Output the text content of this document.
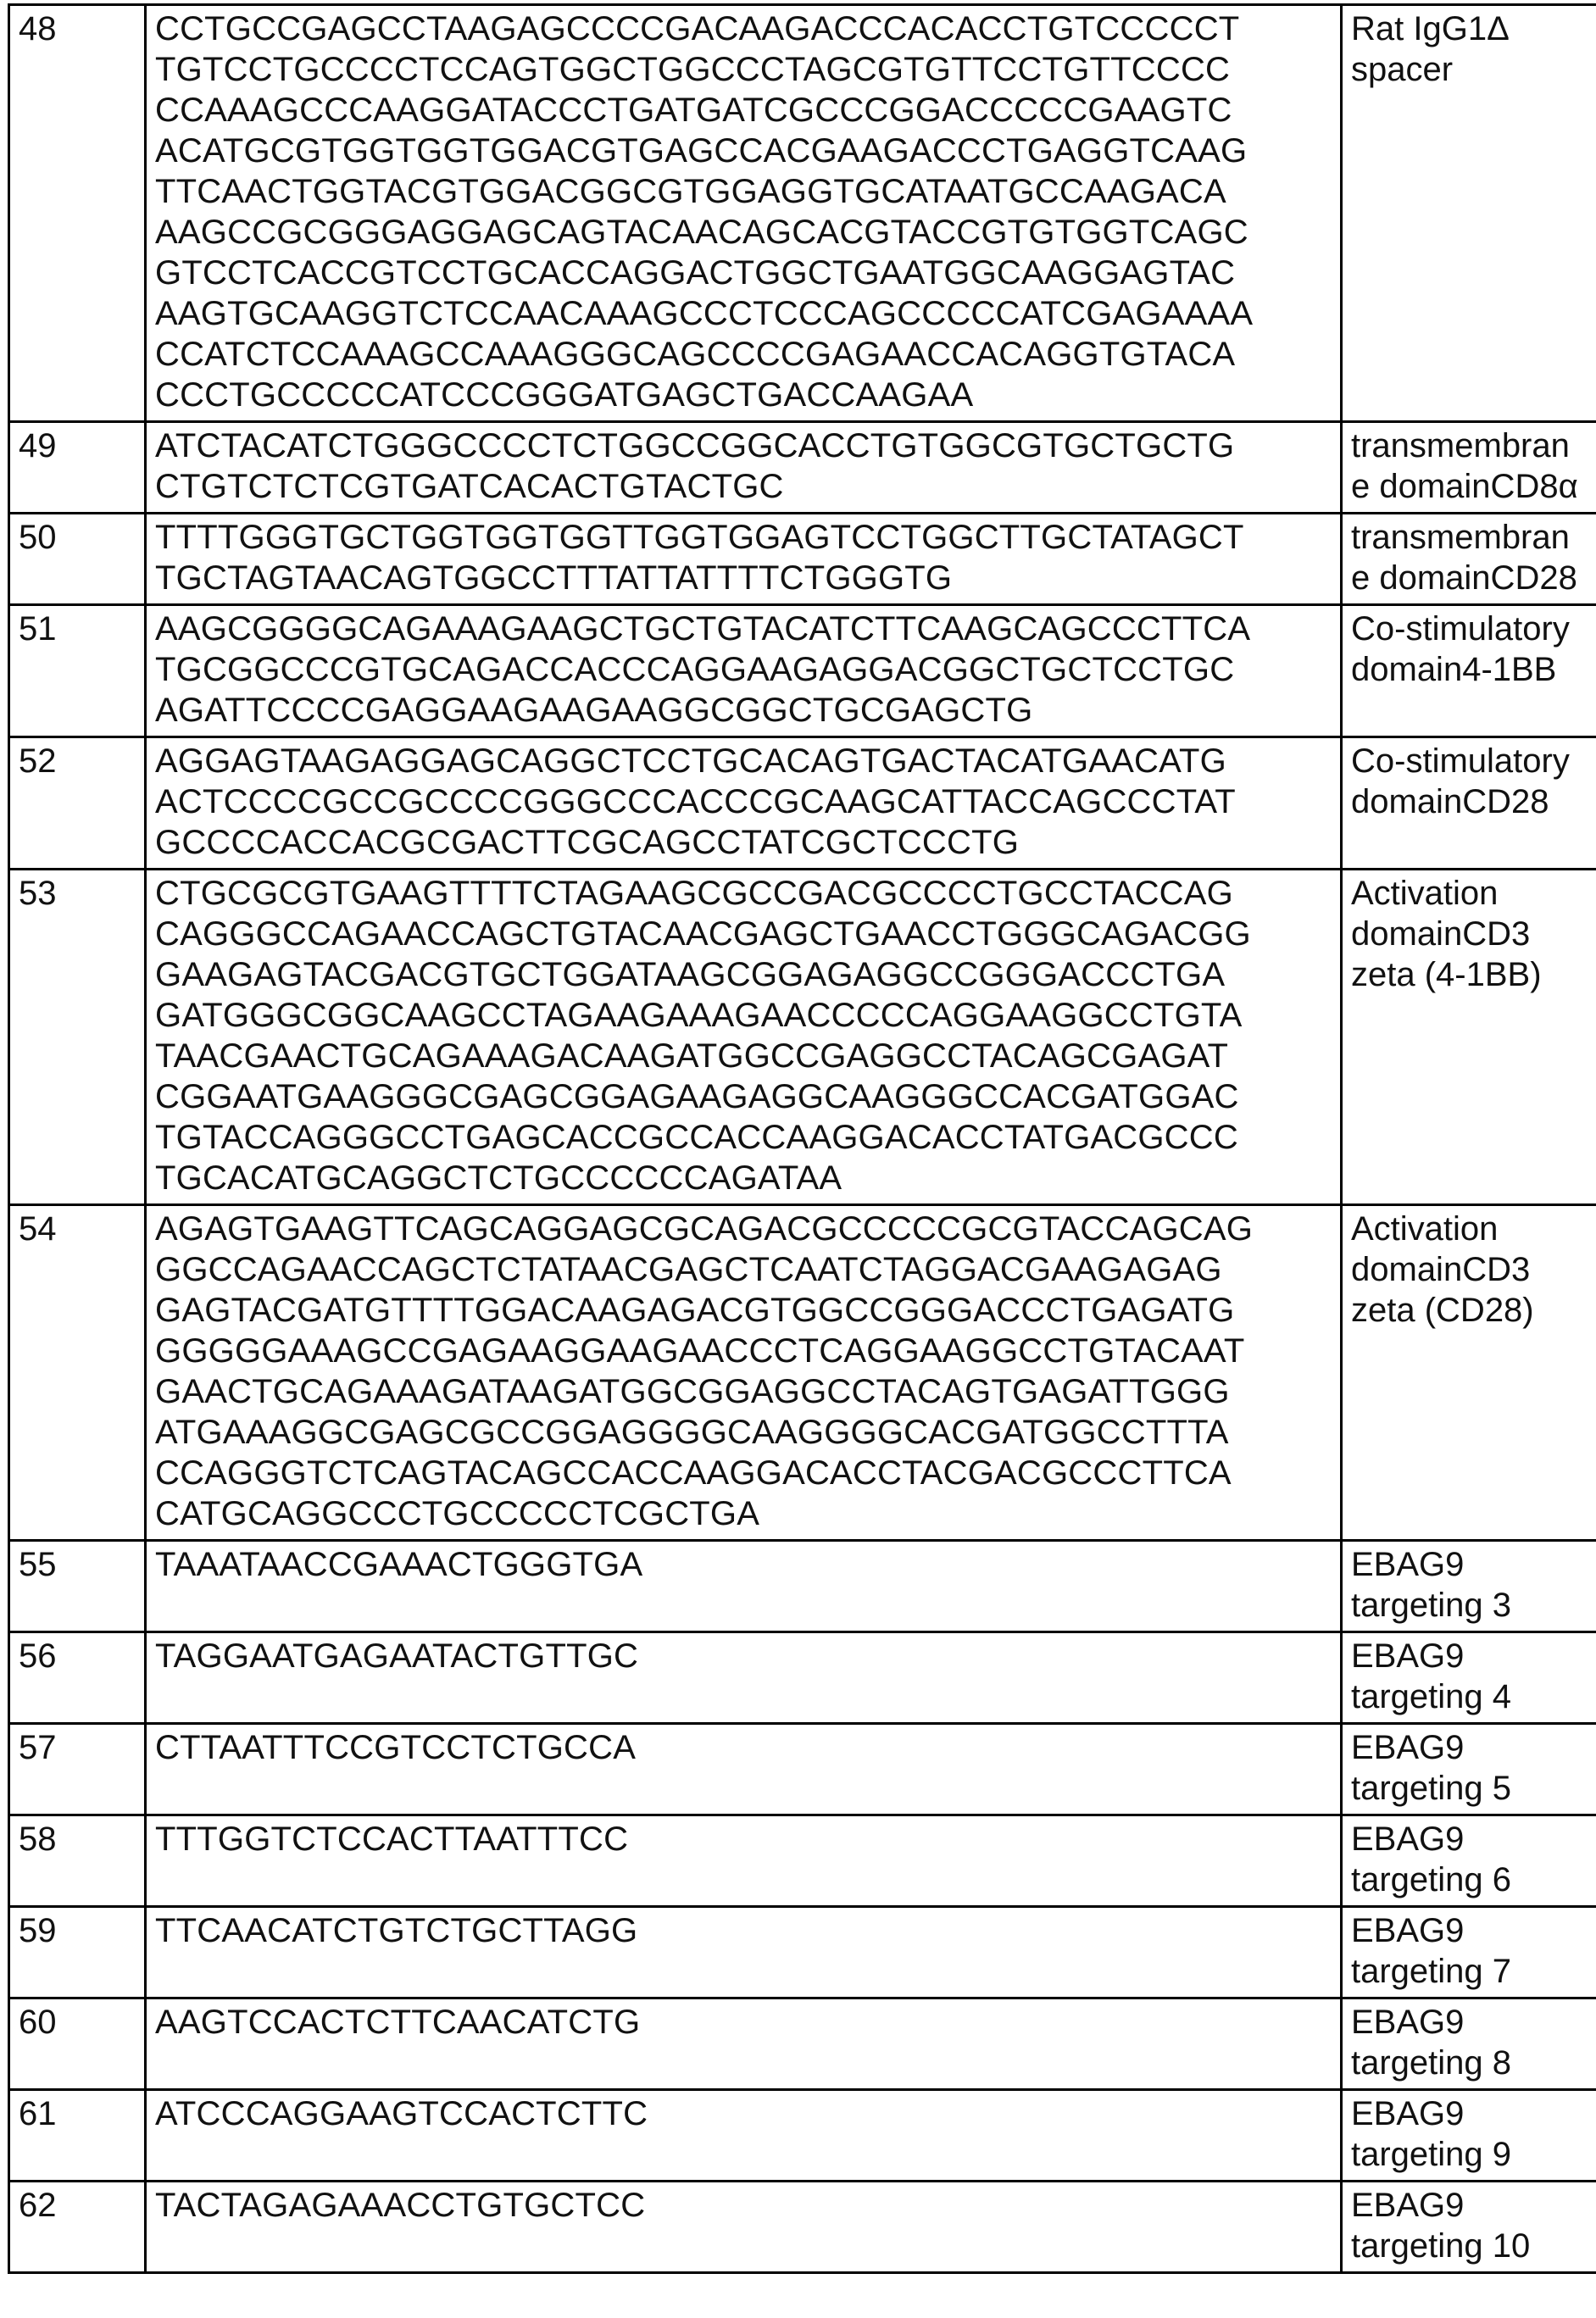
48	CCTGCCGAGCCTAAGAGCCCCGACAAGACCCACACCTGTCCCCCT
TGTCCTGCCCCTCCAGTGGCTGGCCCTAGCGTGTTCCTGTTCCCC
CCAAAGCCCAAGGATACCCTGATGATCGCCCGGACCCCCGAAGTC
ACATGCGTGGTGGTGGACGTGAGCCACGAAGACCCTGAGGTCAAG
TTCAACTGGTACGTGGACGGCGTGGAGGTGCATAATGCCAAGACA
AAGCCGCGGGAGGAGCAGTACAACAGCACGTACCGTGTGGTCAGC
GTCCTCACCGTCCTGCACCAGGACTGGCTGAATGGCAAGGAGTAC
AAGTGCAAGGTCTCCAACAAAGCCCTCCCAGCCCCCATCGAGAAAA
CCATCTCCAAAGCCAAAGGGCAGCCCCGAGAACCACAGGTGTACA
CCCTGCCCCCATCCCGGGATGAGCTGACCAAGAA	Rat IgG1Δ
spacer
49	ATCTACATCTGGGCCCCTCTGGCCGGCACCTGTGGCGTGCTGCTG
CTGTCTCTCGTGATCACACTGTACTGC	transmembran
e domainCD8α
50	TTTTGGGTGCTGGTGGTGGTTGGTGGAGTCCTGGCTTGCTATAGCT
TGCTAGTAACAGTGGCCTTTATTATTTTCTGGGTG	transmembran
e domainCD28
51	AAGCGGGGCAGAAAGAAGCTGCTGTACATCTTCAAGCAGCCCTTCA
TGCGGCCCGTGCAGACCACCCAGGAAGAGGACGGCTGCTCCTGC
AGATTCCCCGAGGAAGAAGAAGGCGGCTGCGAGCTG	Co-stimulatory
domain4-1BB
52	AGGAGTAAGAGGAGCAGGCTCCTGCACAGTGACTACATGAACATG
ACTCCCCGCCGCCCCGGGCCCACCCGCAAGCATTACCAGCCCTAT
GCCCCACCACGCGACTTCGCAGCCTATCGCTCCCTG	Co-stimulatory
domainCD28
53	CTGCGCGTGAAGTTTTCTAGAAGCGCCGACGCCCCTGCCTACCAG
CAGGGCCAGAACCAGCTGTACAACGAGCTGAACCTGGGCAGACGG
GAAGAGTACGACGTGCTGGATAAGCGGAGAGGCCGGGACCCTGA
GATGGGCGGCAAGCCTAGAAGAAAGAACCCCCAGGAAGGCCTGTA
TAACGAACTGCAGAAAGACAAGATGGCCGAGGCCTACAGCGAGAT
CGGAATGAAGGGCGAGCGGAGAAGAGGCAAGGGCCACGATGGAC
TGTACCAGGGCCTGAGCACCGCCACCAAGGACACCTATGACGCCC
TGCACATGCAGGCTCTGCCCCCCAGATAA	Activation
domainCD3
zeta (4-1BB)
54	AGAGTGAAGTTCAGCAGGAGCGCAGACGCCCCCGCGTACCAGCAG
GGCCAGAACCAGCTCTATAACGAGCTCAATCTAGGACGAAGAGAG
GAGTACGATGTTTTGGACAAGAGACGTGGCCGGGACCCTGAGATG
GGGGGAAAGCCGAGAAGGAAGAACCCTCAGGAAGGCCTGTACAAT
GAACTGCAGAAAGATAAGATGGCGGAGGCCTACAGTGAGATTGGG
ATGAAAGGCGAGCGCCGGAGGGGCAAGGGGCACGATGGCCTTTA
CCAGGGTCTCAGTACAGCCACCAAGGACACCTACGACGCCCTTCA
CATGCAGGCCCTGCCCCCTCGCTGA	Activation
domainCD3
zeta (CD28)
55	TAAATAACCGAAACTGGGTGA	EBAG9
targeting 3
56	TAGGAATGAGAATACTGTTGC	EBAG9
targeting 4
57	CTTAATTTCCGTCCTCTGCCA	EBAG9
targeting 5
58	TTTGGTCTCCACTTAATTTCC	EBAG9
targeting 6
59	TTCAACATCTGTCTGCTTAGG	EBAG9
targeting 7
60	AAGTCCACTCTTCAACATCTG	EBAG9
targeting 8
61	ATCCCAGGAAGTCCACTCTTC	EBAG9
targeting 9
62	TACTAGAGAAACCTGTGCTCC	EBAG9
targeting 10
